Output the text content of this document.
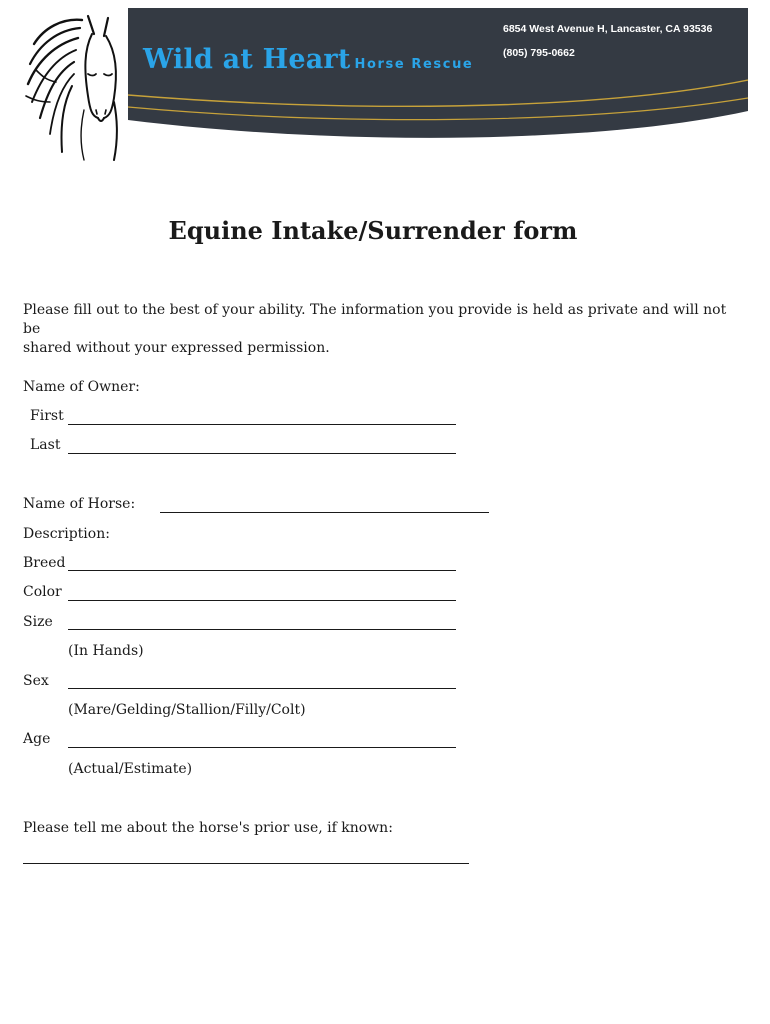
Wild at Heart Horse Rescue
6854 West Avenue H, Lancaster, CA 93536
(805) 795-0662
Equine Intake/Surrender form

Please fill out to the best of your ability. The information you provide is held as private and will not be
shared without your expressed permission.

Name of Owner:
First
Last
Name of Horse:
Description:
Breed
Color
Size
(In Hands)
Sex
(Mare/Gelding/Stallion/Filly/Colt)
Age
(Actual/Estimate)
Please tell me about the horse's prior use, if known:
